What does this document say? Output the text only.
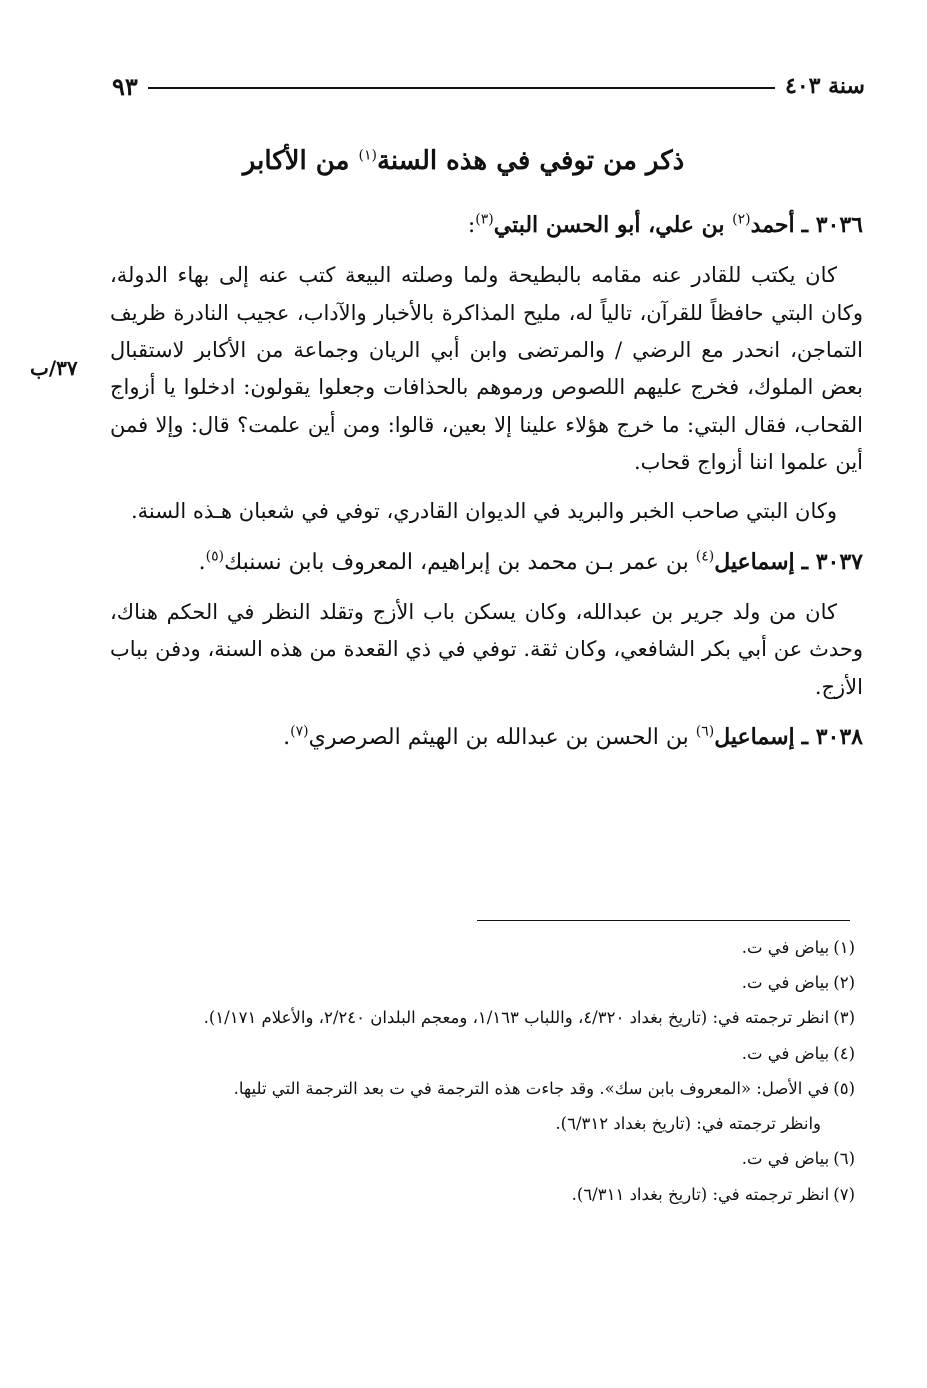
سنة ٤٠٣
٩٣
ذكر من توفي في هذه السنة$^{(١)}$ من الأكابر
٣٧/ب
٣٠٣٦ ـ أحمد$^{(٢)}$ بن علي، أبو الحسن البتي$^{(٣)}$:

كان يكتب للقادر عنه مقامه بالبطيحة ولما وصلته البيعة كتب عنه إلى بهاء الدولة، وكان البتي حافظاً للقرآن، تالياً له، مليح المذاكرة بالأخبار والآداب، عجيب النادرة ظريف التماجن، انحدر مع الرضي / والمرتضى وابن أبي الريان وجماعة من الأكابر لاستقبال بعض الملوك، فخرج عليهم اللصوص ورموهم بالحذافات وجعلوا يقولون: ادخلوا يا أزواج القحاب، فقال البتي: ما خرج هؤلاء علينا إلا بعين، قالوا: ومن أين علمت؟ قال: وإلا فمن أين علموا اننا أزواج قحاب.

وكان البتي صاحب الخبر والبريد في الديوان القادري، توفي في شعبان هـذه السنة.

٣٠٣٧ ـ إسماعيل$^{(٤)}$ بن عمر بـن محمد بن إبراهيم، المعروف بابن نسنبك$^{(٥)}$.

كان من ولد جرير بن عبدالله، وكان يسكن باب الأزج وتقلد النظر في الحكم هناك، وحدث عن أبي بكر الشافعي، وكان ثقة. توفي في ذي القعدة من هذه السنة، ودفن بباب الأزج.

٣٠٣٨ ـ إسماعيل$^{(٦)}$ بن الحسن بن عبدالله بن الهيثم الصرصري$^{(٧)}$.
(١)بياض في ت.
(٢)بياض في ت.
(٣)انظر ترجمته في: (تاريخ بغداد ٤/٣٢٠، واللباب ١/١٦٣، ومعجم البلدان ٢/٢٤٠، والأعلام ١/١٧١).
(٤)بياض في ت.
(٥)في الأصل: «المعروف بابن سك». وقد جاءت هذه الترجمة في ت بعد الترجمة التي تليها.
وانظر ترجمته في: (تاريخ بغداد ٦/٣١٢).
(٦)بياض في ت.
(٧)انظر ترجمته في: (تاريخ بغداد ٦/٣١١).
